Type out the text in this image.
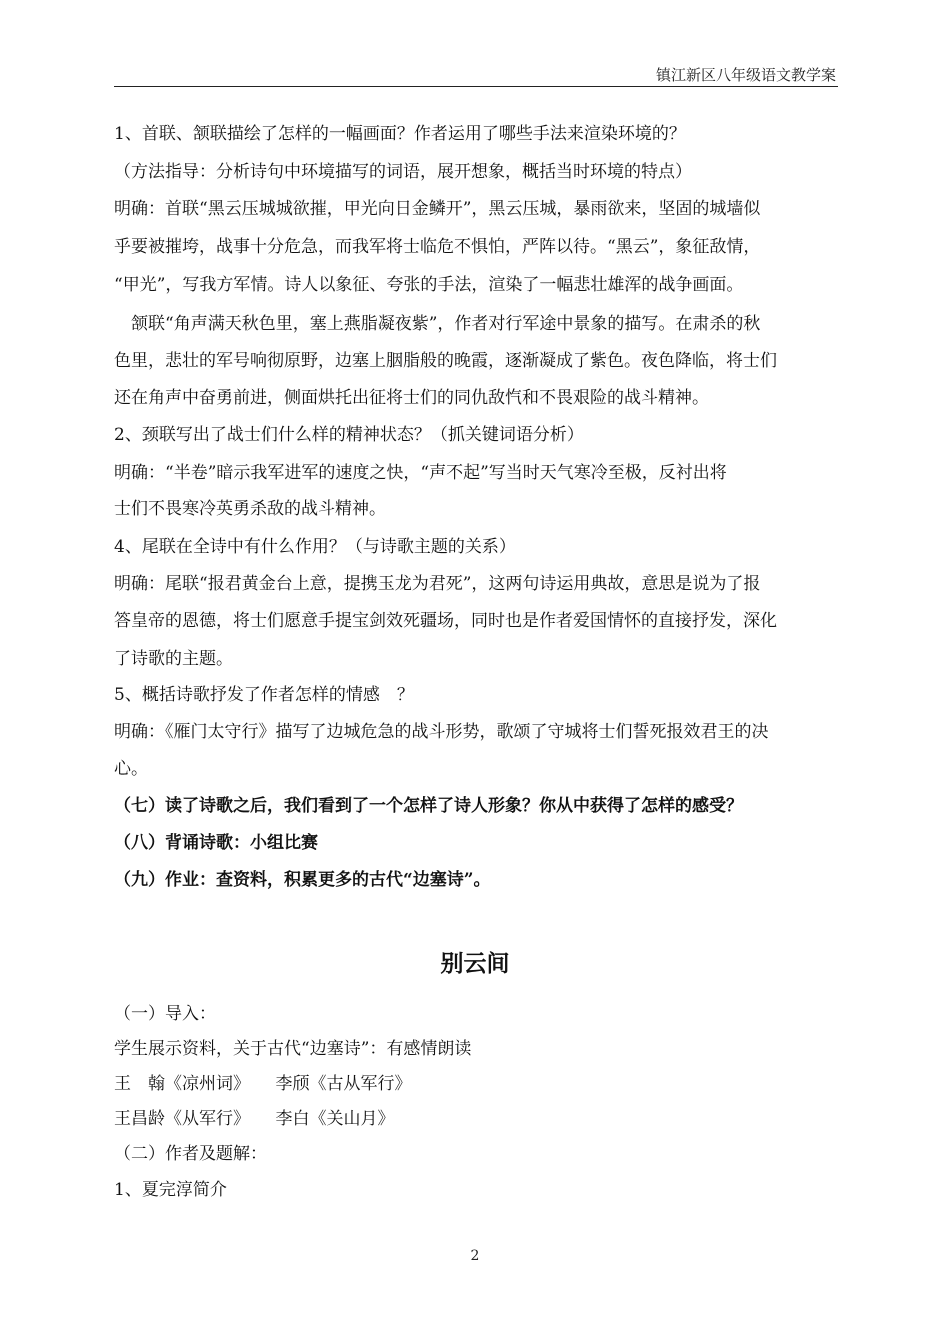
镇江新区八年级语文教学案
1、首联、颔联描绘了怎样的一幅画面？作者运用了哪些手法来渲染环境的？
（方法指导：分析诗句中环境描写的词语，展开想象，概括当时环境的特点）
明确：首联“黑云压城城欲摧，甲光向日金鳞开”，黑云压城，暴雨欲来，坚固的城墙似
乎要被摧垮，战事十分危急，而我军将士临危不惧怕，严阵以待。“黑云”，象征敌情，
“甲光”，写我方军情。诗人以象征、夸张的手法，渲染了一幅悲壮雄浑的战争画面。
颔联“角声满天秋色里，塞上燕脂凝夜紫”，作者对行军途中景象的描写。在肃杀的秋
色里，悲壮的军号响彻原野，边塞上胭脂般的晚霞，逐渐凝成了紫色。夜色降临，将士们
还在角声中奋勇前进，侧面烘托出征将士们的同仇敌忾和不畏艰险的战斗精神。
2、颈联写出了战士们什么样的精神状态？（抓关键词语分析）
明确：“半卷”暗示我军进军的速度之快，“声不起”写当时天气寒冷至极，反衬出将
士们不畏寒冷英勇杀敌的战斗精神。
4、尾联在全诗中有什么作用？（与诗歌主题的关系）
明确：尾联“报君黄金台上意，提携玉龙为君死”，这两句诗运用典故，意思是说为了报
答皇帝的恩德，将士们愿意手提宝剑效死疆场，同时也是作者爱国情怀的直接抒发，深化
了诗歌的主题。
5、概括诗歌抒发了作者怎样的情感　？
明确：《雁门太守行》描写了边城危急的战斗形势，歌颂了守城将士们誓死报效君王的决
心。
（七）读了诗歌之后，我们看到了一个怎样了诗人形象？你从中获得了怎样的感受？
（八）背诵诗歌：小组比赛
（九）作业：查资料，积累更多的古代“边塞诗”。
别云间
（一）导入：
学生展示资料，关于古代“边塞诗”：有感情朗读
王　翰《凉州词》　　李颀《古从军行》
王昌龄《从军行》　　李白《关山月》
（二）作者及题解：
1、夏完淳简介
2
